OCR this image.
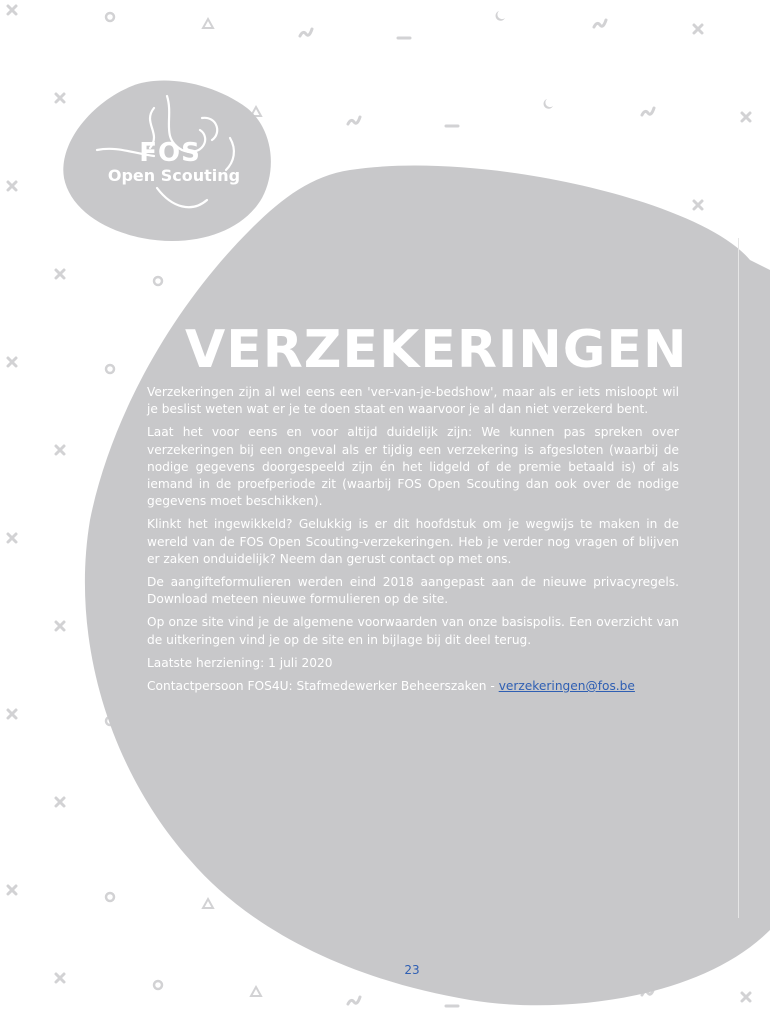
FOS
Open Scouting
VERZEKERINGEN

Verzekeringen zijn al wel eens een 'ver-van-je-bedshow', maar als er iets misloopt wil je beslist weten wat er je te doen staat en waarvoor je al dan niet verzekerd bent.

Laat het voor eens en voor altijd duidelijk zijn: We kunnen pas spreken over verzekeringen bij een ongeval als er tijdig een verzekering is afgesloten (waarbij de nodige gegevens doorgespeeld zijn én het lidgeld of de premie betaald is) of als iemand in de proefperiode zit (waarbij FOS Open Scouting dan ook over de nodige gegevens moet beschikken).

Klinkt het ingewikkeld? Gelukkig is er dit hoofdstuk om je wegwijs te maken in de wereld van de FOS Open Scouting-verzekeringen. Heb je verder nog vragen of blijven er zaken onduidelijk? Neem dan gerust contact op met ons.

De aangifteformulieren werden eind 2018 aangepast aan de nieuwe privacyregels. Download meteen nieuwe formulieren op de site.

Op onze site vind je de algemene voorwaarden van onze basispolis. Een overzicht van de uitkeringen vind je op de site en in bijlage bij dit deel terug.

Laatste herziening: 1 juli 2020

Contactpersoon FOS4U: Stafmedewerker Beheerszaken - verzekeringen@fos.be

23
